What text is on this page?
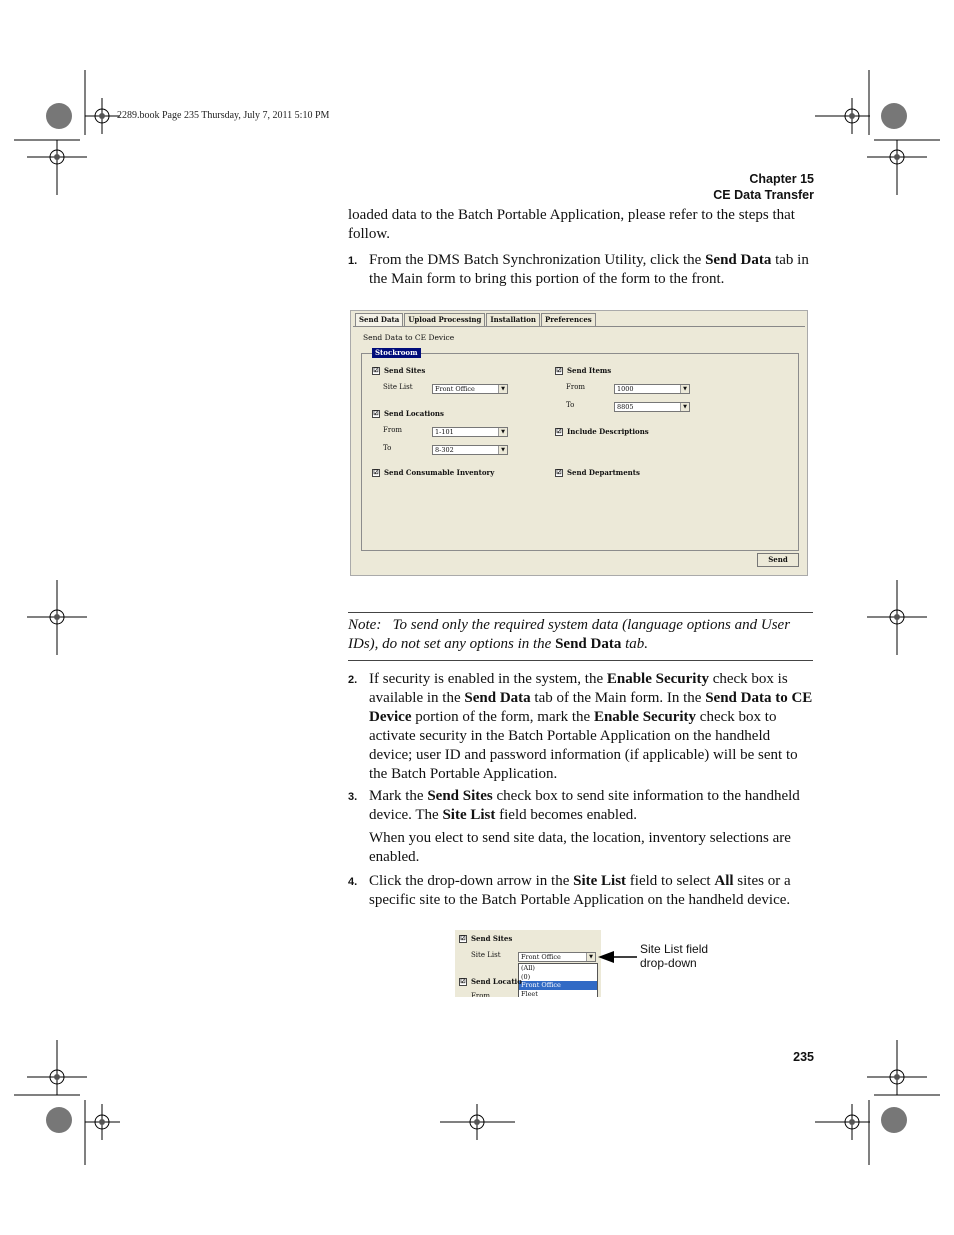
2289.book Page 235 Thursday, July 7, 2011 5:10 PM
Chapter 15
CE Data Transfer
loaded data to the Batch Portable Application, please refer to the steps that follow.
1. From the DMS Batch Synchronization Utility, click the Send Data tab in the Main form to bring this portion of the form to the front.
Send Data	Upload Processing	Installation	Preferences
Send Data to CE Device
Stockroom
☑ Send Sites
Site List	Front Office	▼
☑ Send Locations
From	1-101	▼
To	8-302	▼
☑ Send Consumable Inventory
☑ Send Items
From	1000	▼
To	8805	▼
☑ Include Descriptions
☑ Send Departments
Send
Note: To send only the required system data (language options and User IDs), do not set any options in the Send Data tab.
2. If security is enabled in the system, the Enable Security check box is available in the Send Data tab of the Main form. In the Send Data to CE Device portion of the form, mark the Enable Security check box to activate security in the Batch Portable Application on the handheld device; user ID and password information (if applicable) will be sent to the Batch Portable Application.
3. Mark the Send Sites check box to send site information to the handheld device. The Site List field becomes enabled.
When you elect to send site data, the location, inventory selections are enabled.
4. Click the drop-down arrow in the Site List field to select All sites or a specific site to the Batch Portable Application on the handheld device.
☑ Send Sites
Site List	Front Office	▼
(All)
(0)
Front Office
Fleet
☑ Send Locatio
From
Site List field
drop-down
235
